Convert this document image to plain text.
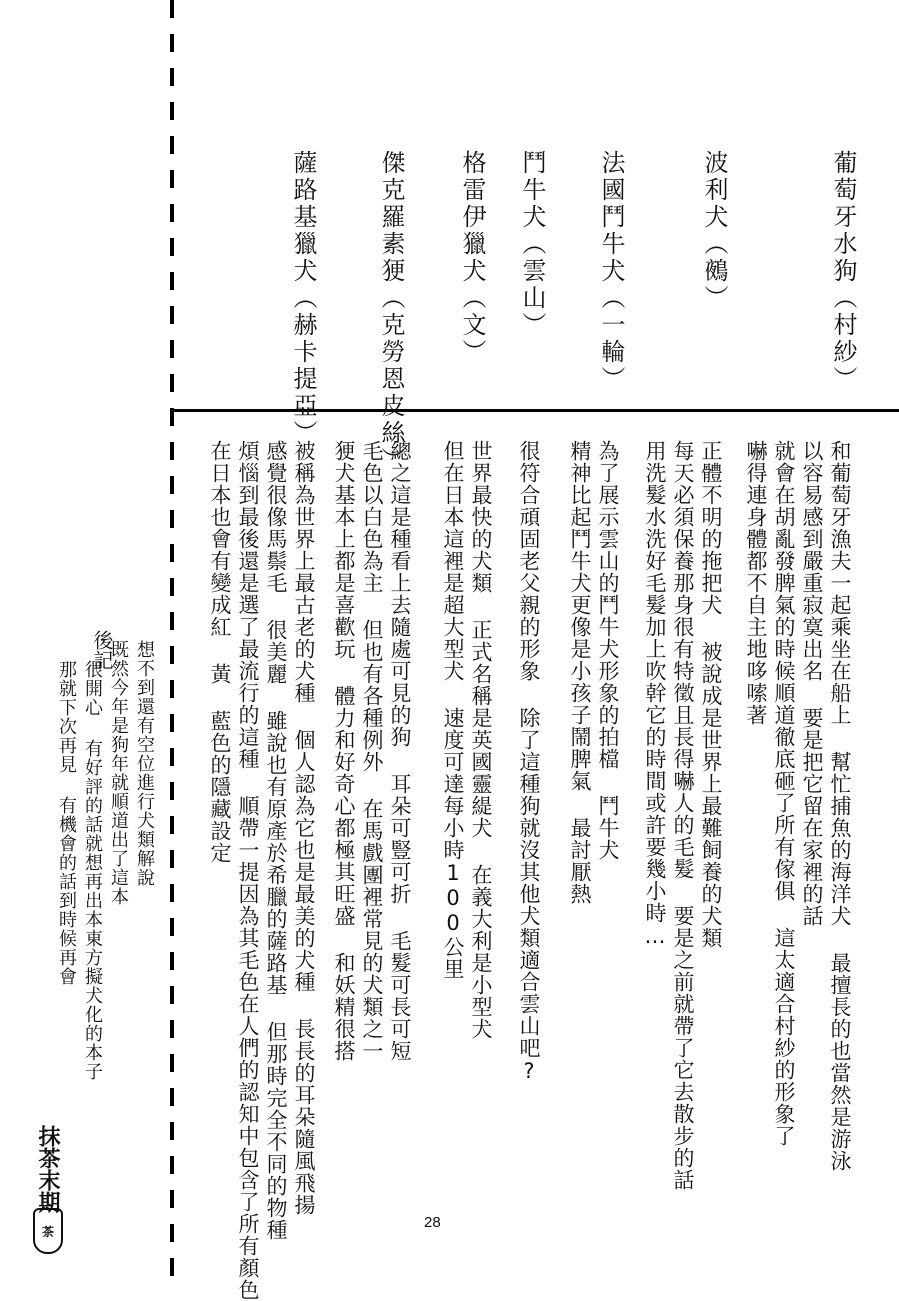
葡萄牙水狗（村紗）
波利犬（鵺）
法國鬥牛犬（一輪）
鬥牛犬（雲山）
格雷伊獵犬（文）
傑克羅素㹴（克勞恩皮絲）
薩路基獵犬（赫卡提亞）
和葡萄牙漁夫一起乘坐在船上 幫忙捕魚的海洋犬 最擅長的也當然是游泳
以容易感到嚴重寂寞出名 要是把它留在家裡的話
就會在胡亂發脾氣的時候順道徹底砸了所有傢俱 這太適合村紗的形象了
嚇得連身體都不自主地哆嗦著
正體不明的拖把犬 被說成是世界上最難飼養的犬類
每天必須保養那身很有特徵且長得嚇人的毛髮 要是之前就帶了它去散步的話
用洗髮水洗好毛髮加上吹幹它的時間或許要幾小時…
為了展示雲山的鬥牛犬形象的拍檔 鬥牛犬
精神比起鬥牛犬更像是小孩子鬧脾氣 最討厭熱
很符合頑固老父親的形象 除了這種狗就沒其他犬類適合雲山吧?
世界最快的犬類 正式名稱是英國靈緹犬 在義大利是小型犬
但在日本這裡是超大型犬 速度可達每小時100公里
總之這是種看上去隨處可見的狗 耳朵可豎可折 毛髮可長可短
毛色以白色為主 但也有各種例外 在馬戲團裡常見的犬類之一
㹴犬基本上都是喜歡玩 體力和好奇心都極其旺盛 和妖精很搭
被稱為世界上最古老的犬種 個人認為它也是最美的犬種 長長的耳朵隨風飛揚
感覺很像馬鬃毛 很美麗 雖說也有原產於希臘的薩路基 但那時完全不同的物種
煩惱到最後還是選了最流行的這種 順帶一提因為其毛色在人們的認知中包含了所有顏色
在日本也會有變成紅 黃 藍色的隱藏設定
後記 想不到還有空位進行犬類解說
既然今年是狗年就順道出了這本
很開心 有好評的話就想再出本東方擬犬化的本子
那就下次再見 有機會的話到時候再會
抹茶末期
茶
28
